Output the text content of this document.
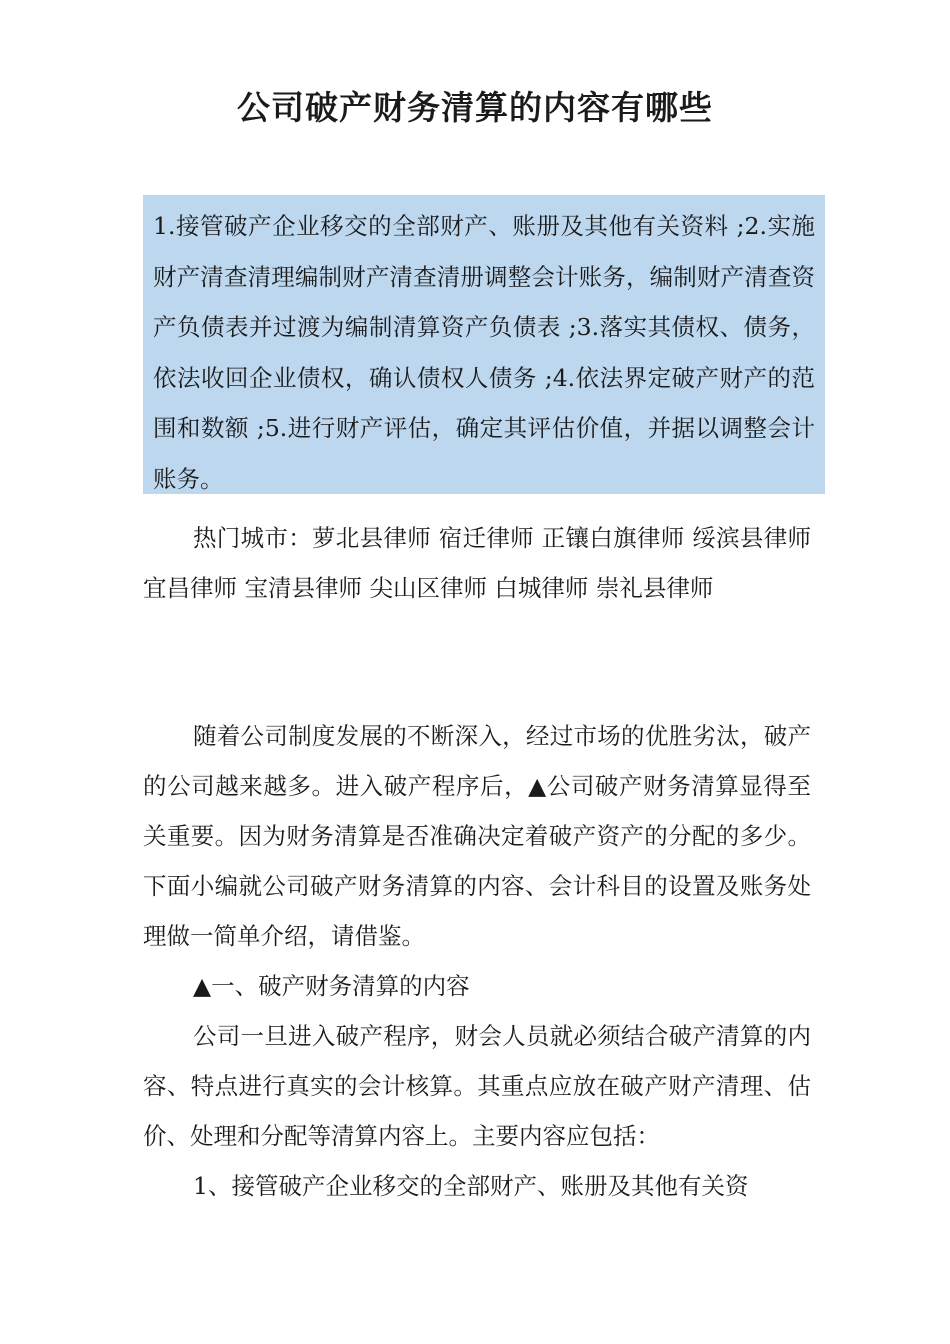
公司破产财务清算的内容有哪些
1.接管破产企业移交的全部财产、账册及其他有关资料 ;2.实施财产清查清理编制财产清查清册调整会计账务，编制财产清查资产负债表并过渡为编制清算资产负债表 ;3.落实其债权、债务，依法收回企业债权，确认债权人债务 ;4.依法界定破产财产的范围和数额 ;5.进行财产评估，确定其评估价值，并据以调整会计账务。

热门城市：萝北县律师 宿迁律师 正镶白旗律师 绥滨县律师 宜昌律师 宝清县律师 尖山区律师 白城律师 崇礼县律师

随着公司制度发展的不断深入，经过市场的优胜劣汰，破产的公司越来越多。进入破产程序后，▲公司破产财务清算显得至关重要。因为财务清算是否准确决定着破产资产的分配的多少。下面小编就公司破产财务清算的内容、会计科目的设置及账务处理做一简单介绍，请借鉴。

▲一、破产财务清算的内容

公司一旦进入破产程序，财会人员就必须结合破产清算的内容、特点进行真实的会计核算。其重点应放在破产财产清理、估价、处理和分配等清算内容上。主要内容应包括：

1、接管破产企业移交的全部财产、账册及其他有关资
